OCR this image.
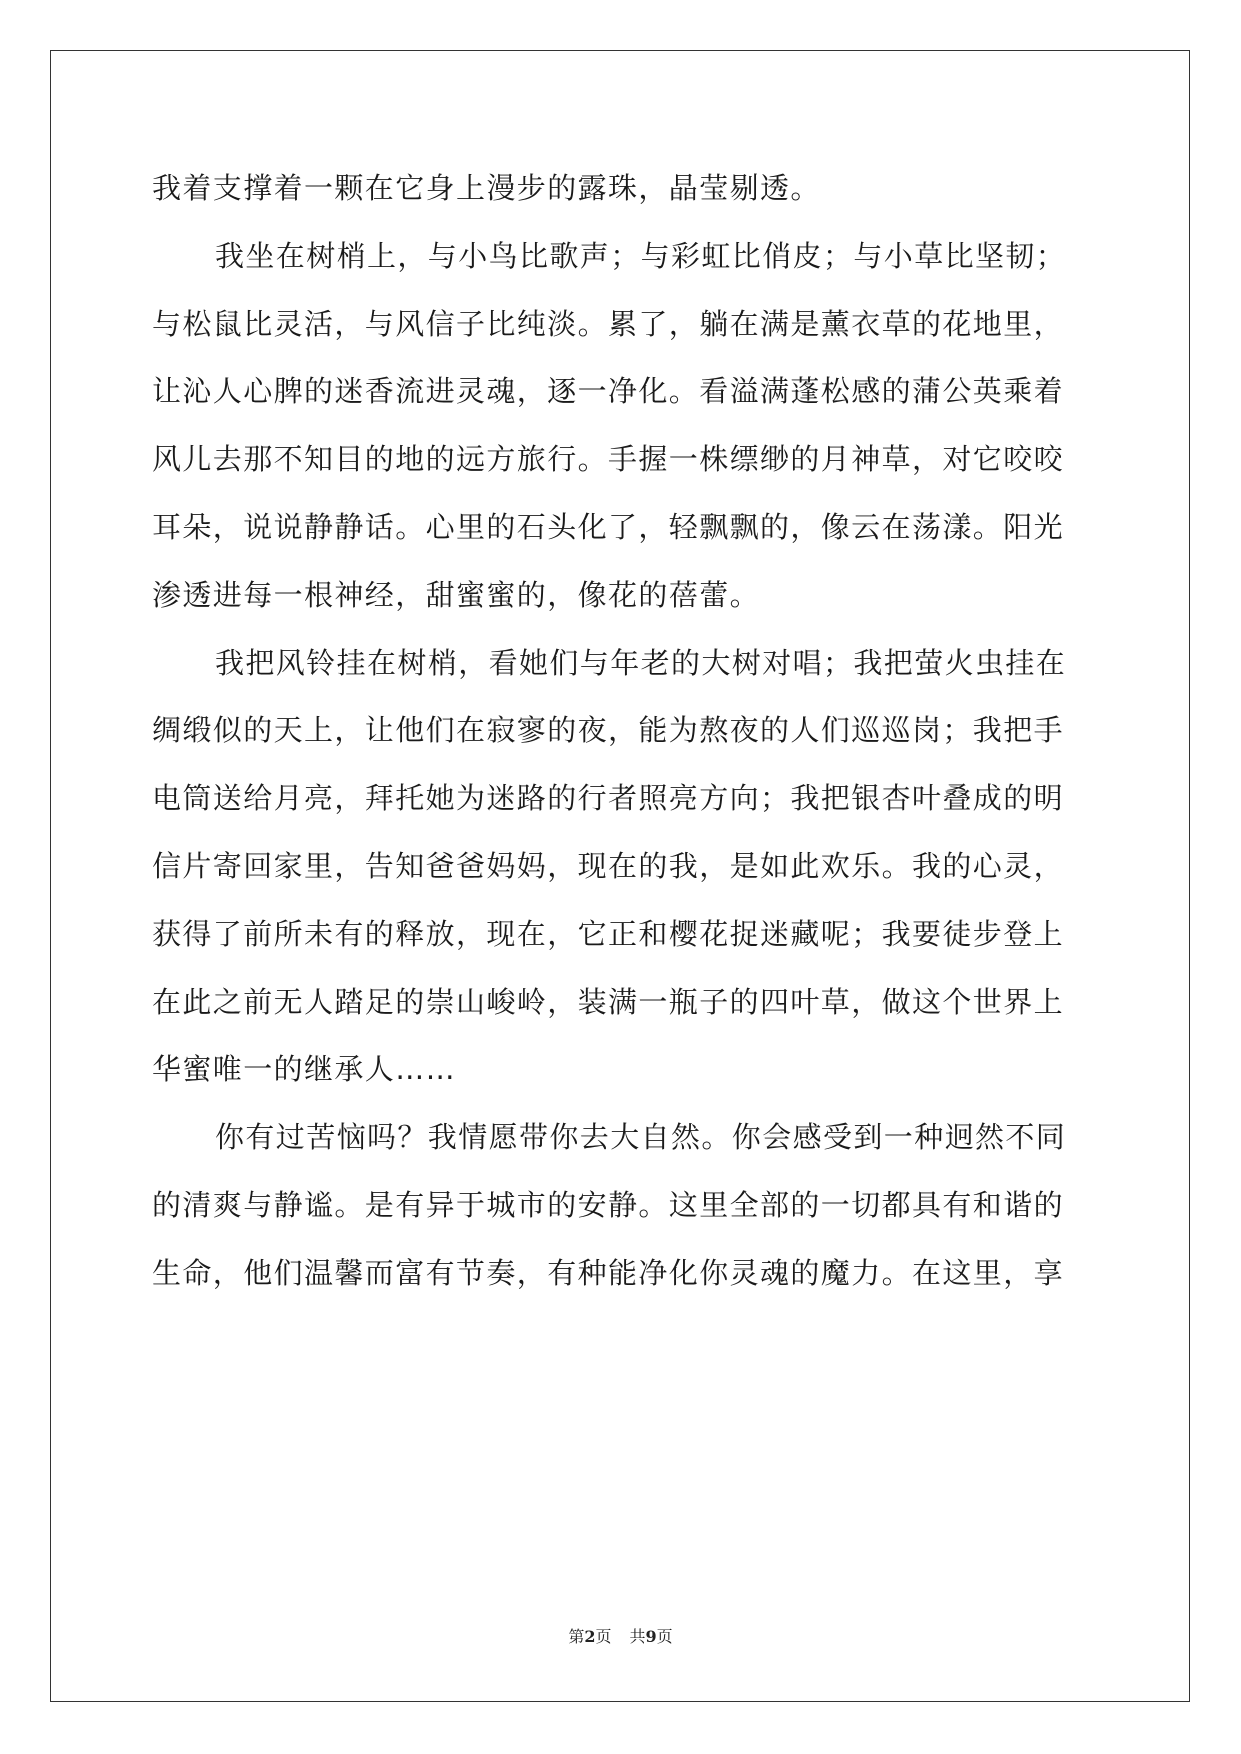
我着支撑着一颗在它身上漫步的露珠，晶莹剔透。
我坐在树梢上，与小鸟比歌声；与彩虹比俏皮；与小草比坚韧；
与松鼠比灵活，与风信子比纯淡。累了，躺在满是薰衣草的花地里，
让沁人心脾的迷香流进灵魂，逐一净化。看溢满蓬松感的蒲公英乘着
风儿去那不知目的地的远方旅行。手握一株缥缈的月神草，对它咬咬
耳朵，说说静静话。心里的石头化了，轻飘飘的，像云在荡漾。阳光
渗透进每一根神经，甜蜜蜜的，像花的蓓蕾。
我把风铃挂在树梢，看她们与年老的大树对唱；我把萤火虫挂在
绸缎似的天上，让他们在寂寥的夜，能为熬夜的人们巡巡岗；我把手
电筒送给月亮，拜托她为迷路的行者照亮方向；我把银杏叶叠成的明
信片寄回家里，告知爸爸妈妈，现在的我，是如此欢乐。我的心灵，
获得了前所未有的释放，现在，它正和樱花捉迷藏呢；我要徒步登上
在此之前无人踏足的崇山峻岭，装满一瓶子的四叶草，做这个世界上
华蜜唯一的继承人……
你有过苦恼吗？我情愿带你去大自然。你会感受到一种迥然不同
的清爽与静谧。是有异于城市的安静。这里全部的一切都具有和谐的
生命，他们温馨而富有节奏，有种能净化你灵魂的魔力。在这里，享
第2页 共9页
